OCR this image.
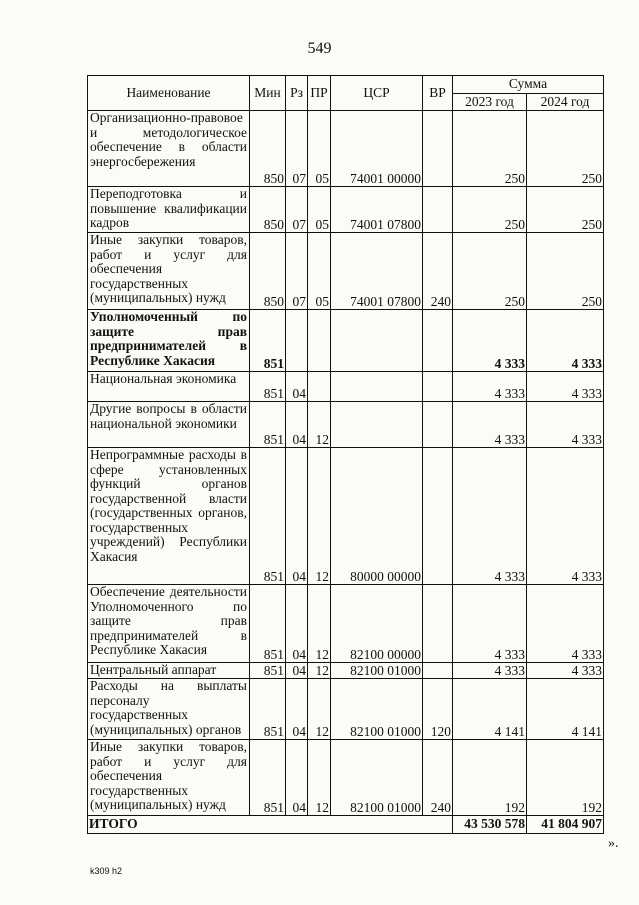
549
Наименование	Мин	Рз	ПР	ЦСР	ВР	Сумма	
						2023 год	2024 год
Организационно-правовое и методологическое обеспечение в области энергосбережения	850	07	05	74001 00000		250	250
Переподготовка и повышение квалификации кадров	850	07	05	74001 07800		250	250
Иные закупки товаров, работ и услуг для обеспечения государственных (муниципальных) нужд	850	07	05	74001 07800	240	250	250
Уполномоченный по защите прав предпринимателей в Республике Хакасия	851					4 333	4 333
Национальная экономика	851	04				4 333	4 333
Другие вопросы в области национальной экономики	851	04	12			4 333	4 333
Непрограммные расходы в сфере установленных функций органов государственной власти (государственных органов, государственных учреждений) Республики Хакасия	851	04	12	80000 00000		4 333	4 333
Обеспечение деятельности Уполномоченного по защите прав предпринимателей в Республике Хакасия	851	04	12	82100 00000		4 333	4 333
Центральный аппарат	851	04	12	82100 01000		4 333	4 333
Расходы на выплаты персоналу государственных (муниципальных) органов	851	04	12	82100 01000	120	4 141	4 141
Иные закупки товаров, работ и услуг для обеспечения государственных (муниципальных) нужд	851	04	12	82100 01000	240	192	192
ИТОГО						43 530 578	41 804 907
».
k309 h2
